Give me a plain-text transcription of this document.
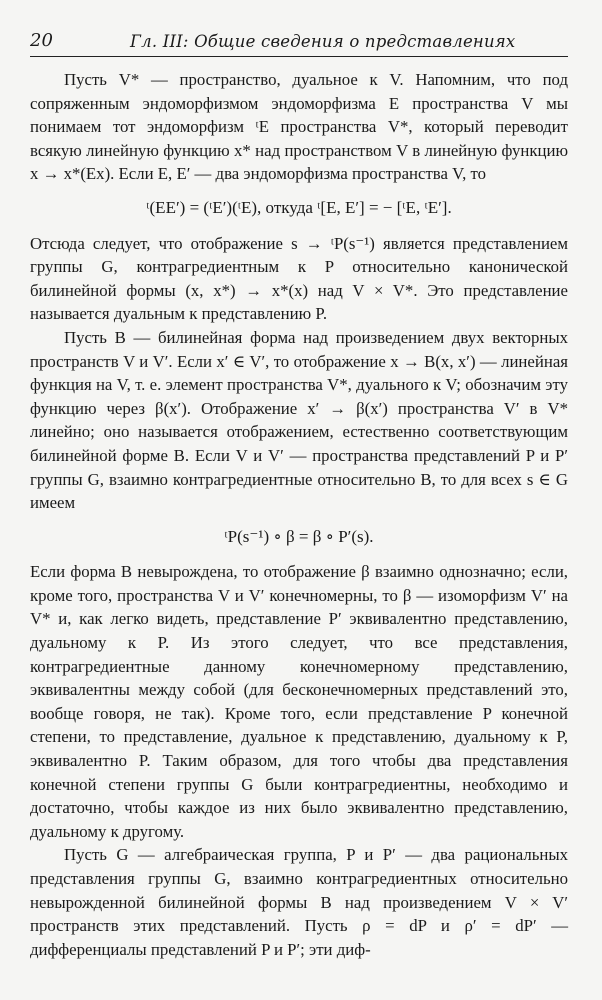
20	Гл. III: Общие сведения о представлениях

Пусть V* — пространство, дуальное к V. Напомним, что под сопряженным эндоморфизмом эндоморфизма E пространства V мы понимаем тот эндоморфизм ᵗE пространства V*, который переводит всякую линейную функцию x* над пространством V в линейную функцию x → x*(Ex). Если E, E′ — два эндоморфизма пространства V, то

ᵗ(EE′) = (ᵗE′)(ᵗE), откуда ᵗ[E, E′] = − [ᵗE, ᵗE′].

Отсюда следует, что отображение s → ᵗP(s⁻¹) является представлением группы G, контрагредиентным к P относительно канонической билинейной формы (x, x*) → x*(x) над V × V*. Это представление называется дуальным к представлению P.

Пусть B — билинейная форма над произведением двух векторных пространств V и V′. Если x′ ∈ V′, то отображение x → B(x, x′) — линейная функция на V, т. е. элемент пространства V*, дуального к V; обозначим эту функцию через β(x′). Отображение x′ → β(x′) пространства V′ в V* линейно; оно называется отображением, естественно соответствующим билинейной форме B. Если V и V′ — пространства представлений P и P′ группы G, взаимно контрагредиентные относительно B, то для всех s ∈ G имеем

ᵗP(s⁻¹) ∘ β = β ∘ P′(s).

Если форма B невырождена, то отображение β взаимно однозначно; если, кроме того, пространства V и V′ конечномерны, то β — изоморфизм V′ на V* и, как легко видеть, представление P′ эквивалентно представлению, дуальному к P. Из этого следует, что все представления, контрагредиентные данному конечномерному представлению, эквивалентны между собой (для бесконечномерных представлений это, вообще говоря, не так). Кроме того, если представление P конечной степени, то представление, дуальное к представлению, дуальному к P, эквивалентно P. Таким образом, для того чтобы два представления конечной степени группы G были контрагредиентны, необходимо и достаточно, чтобы каждое из них было эквивалентно представлению, дуальному к другому.

Пусть G — алгебраическая группа, P и P′ — два рациональных представления группы G, взаимно контрагредиентных относительно невырожденной билинейной формы B над произведением V × V′ пространств этих представлений. Пусть ρ = dP и ρ′ = dP′ — дифференциалы представлений P и P′; эти диф-
